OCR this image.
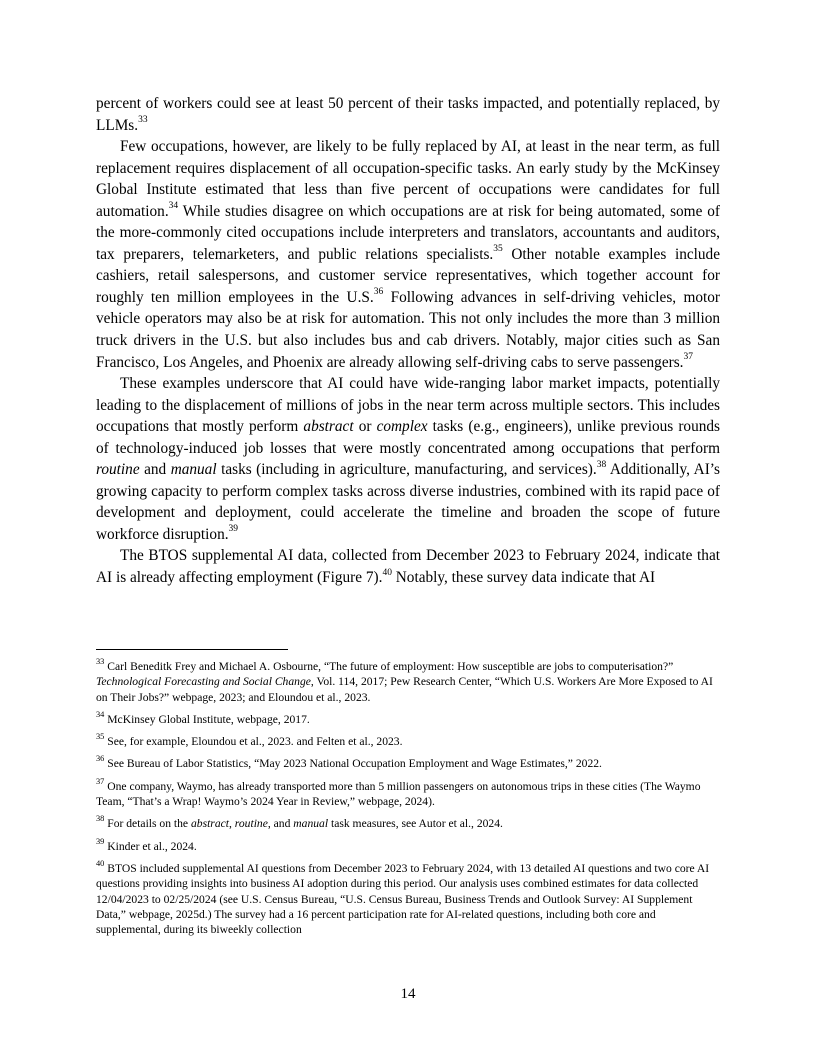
percent of workers could see at least 50 percent of their tasks impacted, and potentially replaced, by LLMs.$^{33}$

Few occupations, however, are likely to be fully replaced by AI, at least in the near term, as full replacement requires displacement of all occupation-specific tasks. An early study by the McKinsey Global Institute estimated that less than five percent of occupations were candidates for full automation.$^{34}$ While studies disagree on which occupations are at risk for being automated, some of the more-commonly cited occupations include interpreters and translators, accountants and auditors, tax preparers, telemarketers, and public relations specialists.$^{35}$ Other notable examples include cashiers, retail salespersons, and customer service representatives, which together account for roughly ten million employees in the U.S.$^{36}$ Following advances in self-driving vehicles, motor vehicle operators may also be at risk for automation. This not only includes the more than 3 million truck drivers in the U.S. but also includes bus and cab drivers. Notably, major cities such as San Francisco, Los Angeles, and Phoenix are already allowing self-driving cabs to serve passengers.$^{37}$

These examples underscore that AI could have wide-ranging labor market impacts, potentially leading to the displacement of millions of jobs in the near term across multiple sectors. This includes occupations that mostly perform abstract or complex tasks (e.g., engineers), unlike previous rounds of technology-induced job losses that were mostly concentrated among occupations that perform routine and manual tasks (including in agriculture, manufacturing, and services).$^{38}$ Additionally, AI’s growing capacity to perform complex tasks across diverse industries, combined with its rapid pace of development and deployment, could accelerate the timeline and broaden the scope of future workforce disruption.$^{39}$

The BTOS supplemental AI data, collected from December 2023 to February 2024, indicate that AI is already affecting employment (Figure 7).$^{40}$ Notably, these survey data indicate that AI

$^{33}$ Carl Beneditk Frey and Michael A. Osbourne, “The future of employment: How susceptible are jobs to computerisation?” Technological Forecasting and Social Change, Vol. 114, 2017; Pew Research Center, “Which U.S. Workers Are More Exposed to AI on Their Jobs?” webpage, 2023; and Eloundou et al., 2023.

$^{34}$ McKinsey Global Institute, webpage, 2017.

$^{35}$ See, for example, Eloundou et al., 2023. and Felten et al., 2023.

$^{36}$ See Bureau of Labor Statistics, “May 2023 National Occupation Employment and Wage Estimates,” 2022.

$^{37}$ One company, Waymo, has already transported more than 5 million passengers on autonomous trips in these cities (The Waymo Team, “That’s a Wrap! Waymo’s 2024 Year in Review,” webpage, 2024).

$^{38}$ For details on the abstract, routine, and manual task measures, see Autor et al., 2024.

$^{39}$ Kinder et al., 2024.

$^{40}$ BTOS included supplemental AI questions from December 2023 to February 2024, with 13 detailed AI questions and two core AI questions providing insights into business AI adoption during this period. Our analysis uses combined estimates for data collected 12/04/2023 to 02/25/2024 (see U.S. Census Bureau, “U.S. Census Bureau, Business Trends and Outlook Survey: AI Supplement Data,” webpage, 2025d.) The survey had a 16 percent participation rate for AI-related questions, including both core and supplemental, during its biweekly collection

14
